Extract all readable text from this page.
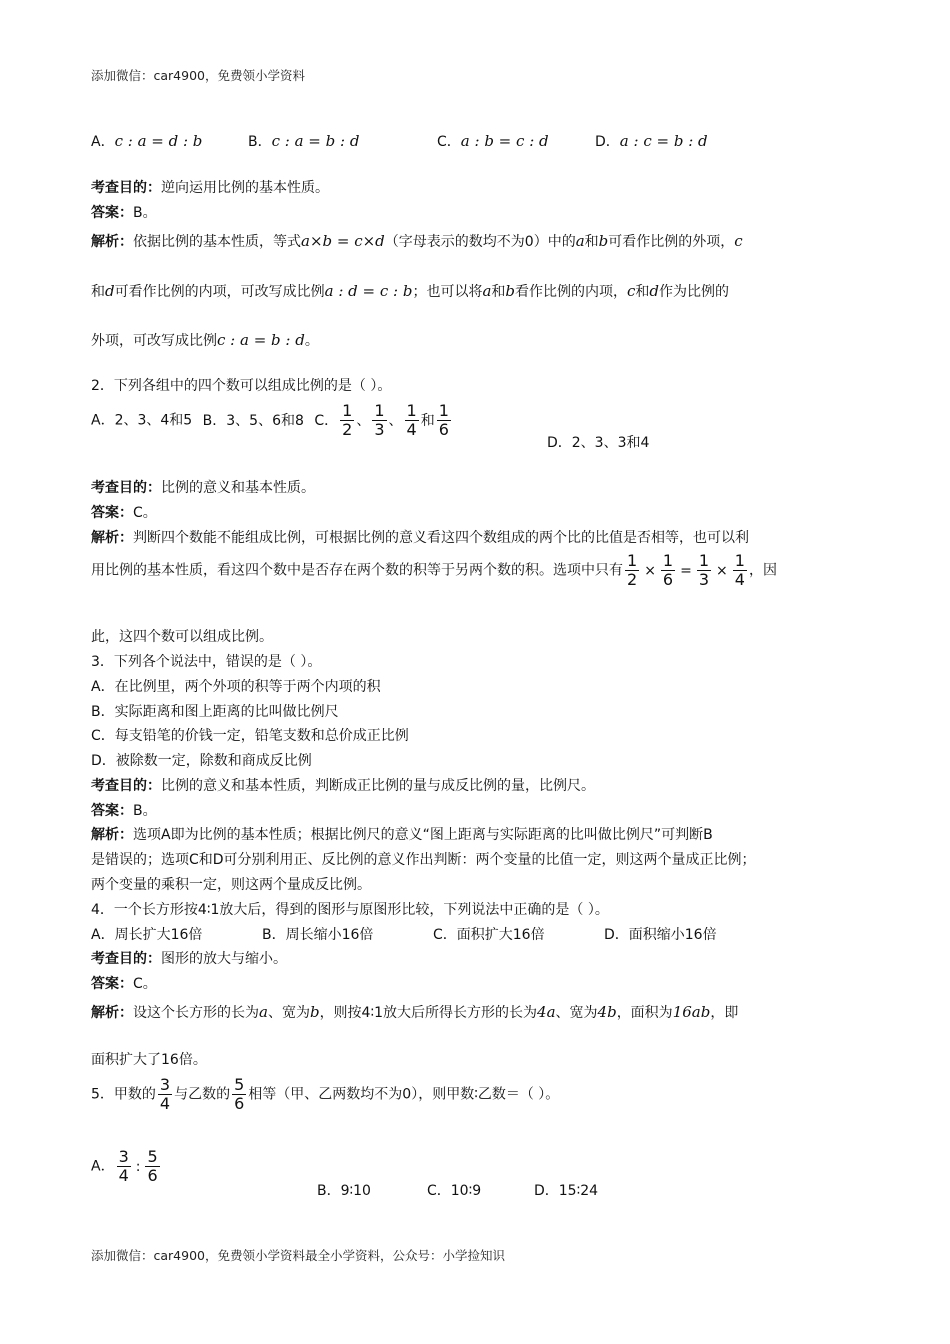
添加微信：car4900，免费领小学资料
A．c : a = d : b	B．c : a = b : d	C．a : b = c : d	D．a : c = b : d
考查目的：逆向运用比例的基本性质。
答案：B。
解析：依据比例的基本性质，等式a×b = c×d（字母表示的数均不为0）中的a和b可看作比例的外项，c
和d可看作比例的内项，可改写成比例a : d = c : b；也可以将a和b看作比例的内项，c和d作为比例的
外项，可改写成比例c : a = b : d。
2．下列各组中的四个数可以组成比例的是（ ）。
A．2、3、4和5 B．3、5、6和8 C． $\frac{1}{2}$ 、 $\frac{1}{3}$ 、 $\frac{1}{4}$ 和 $\frac{1}{6}$
D．2、3、3和4
考查目的：比例的意义和基本性质。
答案：C。
解析：判断四个数能不能组成比例，可根据比例的意义看这四个数组成的两个比的比值是否相等，也可以利
用比例的基本性质，看这四个数中是否存在两个数的积等于另两个数的积。选项中只有 $\frac{1}{2} \times \frac{1}{6} = \frac{1}{3} \times \frac{1}{4}$ ，因
此，这四个数可以组成比例。
3．下列各个说法中，错误的是（ ）。
A．在比例里，两个外项的积等于两个内项的积
B．实际距离和图上距离的比叫做比例尺
C．每支铅笔的价钱一定，铅笔支数和总价成正比例
D．被除数一定，除数和商成反比例
考查目的：比例的意义和基本性质，判断成正比例的量与成反比例的量，比例尺。
答案：B。
解析：选项A即为比例的基本性质；根据比例尺的意义“图上距离与实际距离的比叫做比例尺”可判断B
是错误的；选项C和D可分别利用正、反比例的意义作出判断：两个变量的比值一定，则这两个量成正比例；
两个变量的乘积一定，则这两个量成反比例。
4．一个长方形按4∶1放大后，得到的图形与原图形比较，下列说法中正确的是（ ）。
A．周长扩大16倍	B．周长缩小16倍	C．面积扩大16倍	D．面积缩小16倍
考查目的：图形的放大与缩小。
答案：C。
解析：设这个长方形的长为a、宽为b，则按4∶1放大后所得长方形的长为4a、宽为4b，面积为16ab，即
面积扩大了16倍。
5．甲数的 $\frac{3}{4}$ 与乙数的 $\frac{5}{6}$ 相等（甲、乙两数均不为0），则甲数∶乙数＝（ ）。
A． $\frac{3}{4}$ : $\frac{5}{6}$
B．9∶10	C．10∶9	D．15∶24
添加微信：car4900，免费领小学资料最全小学资料，公众号：小学捡知识
